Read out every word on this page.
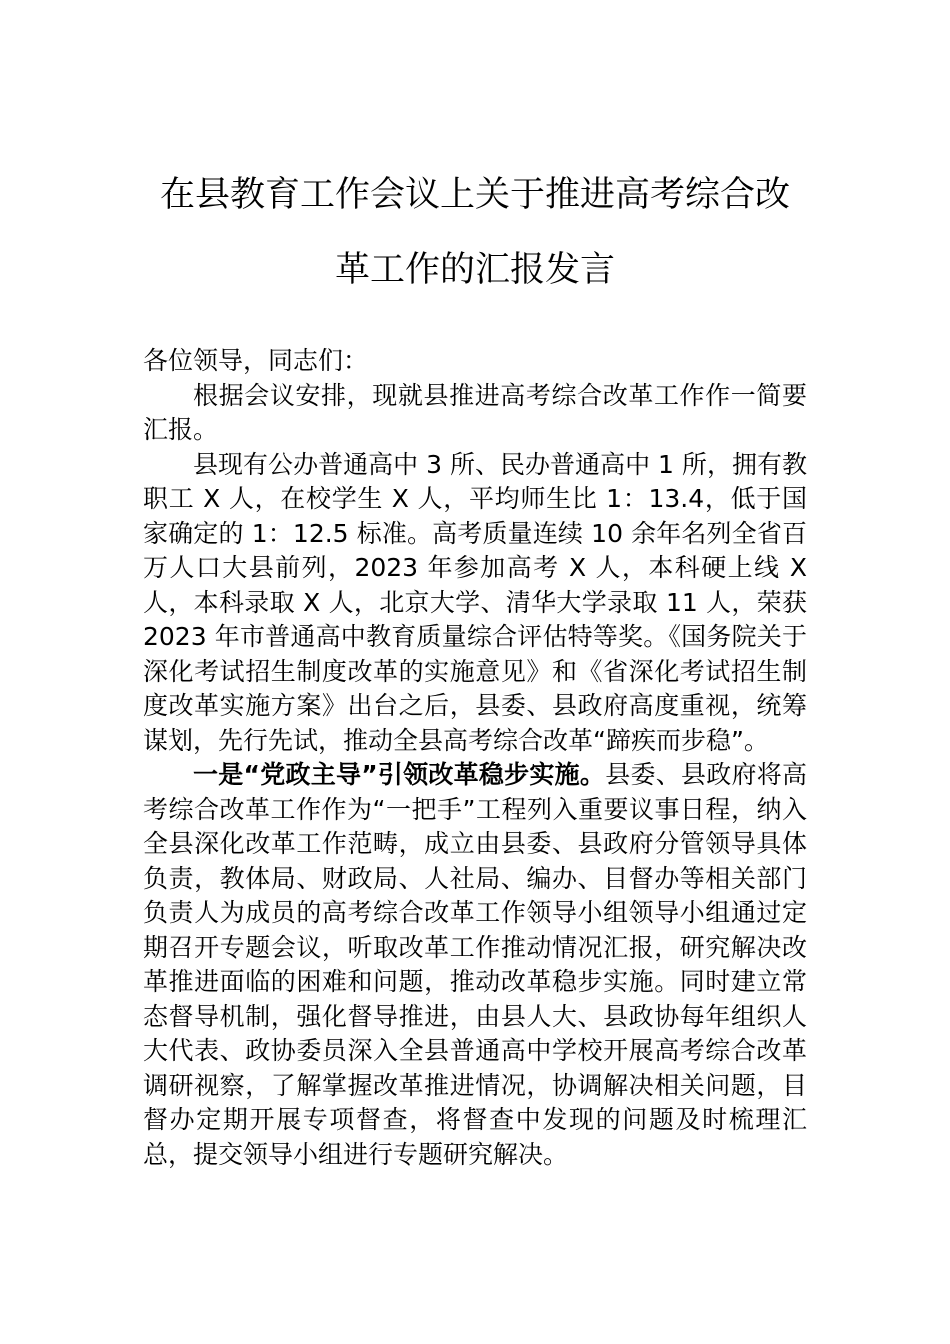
在县教育工作会议上关于推进高考综合改
革工作的汇报发言

各位领导，同志们：

根据会议安排，现就县推进高考综合改革工作作一简要汇报。

县现有公办普通高中 3 所、民办普通高中 1 所，拥有教职工 X 人，在校学生 X 人，平均师生比 1：13.4，低于国家确定的 1：12.5 标准。高考质量连续 10 余年名列全省百万人口大县前列，2023 年参加高考 X 人，本科硬上线 X 人，本科录取 X 人，北京大学、清华大学录取 11 人，荣获 2023 年市普通高中教育质量综合评估特等奖。《国务院关于深化考试招生制度改革的实施意见》和《省深化考试招生制度改革实施方案》出台之后，县委、县政府高度重视，统筹谋划，先行先试，推动全县高考综合改革“蹄疾而步稳”。

一是“党政主导”引领改革稳步实施。县委、县政府将高考综合改革工作作为“一把手”工程列入重要议事日程，纳入全县深化改革工作范畴，成立由县委、县政府分管领导具体负责，教体局、财政局、人社局、编办、目督办等相关部门负责人为成员的高考综合改革工作领导小组领导小组通过定期召开专题会议，听取改革工作推动情况汇报，研究解决改革推进面临的困难和问题，推动改革稳步实施。同时建立常态督导机制，强化督导推进，由县人大、县政协每年组织人大代表、政协委员深入全县普通高中学校开展高考综合改革调研视察，了解掌握改革推进情况，协调解决相关问题，目督办定期开展专项督查，将督查中发现的问题及时梳理汇总，提交领导小组进行专题研究解决。
